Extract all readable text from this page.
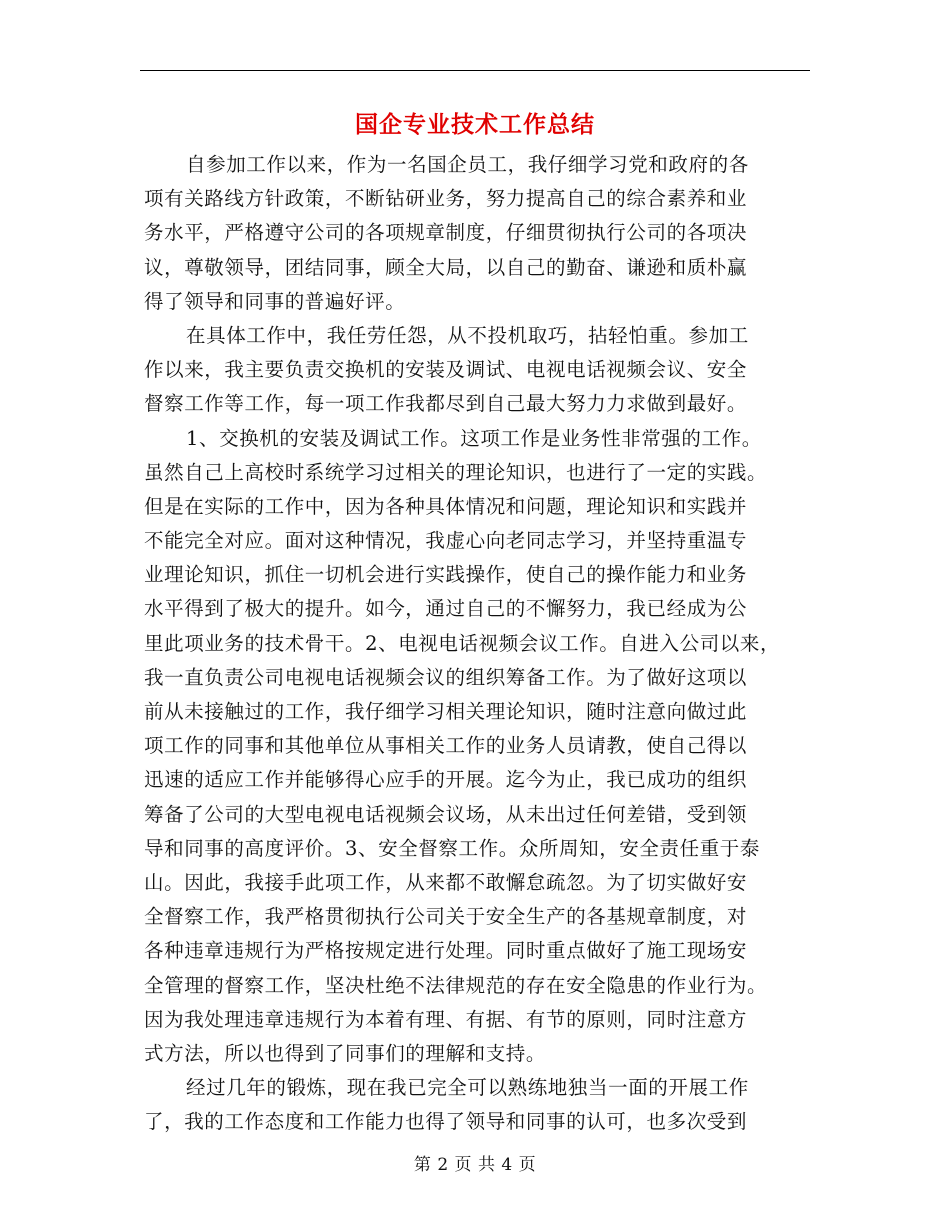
国企专业技术工作总结
自参加工作以来，作为一名国企员工，我仔细学习党和政府的各
项有关路线方针政策，不断钻研业务，努力提高自己的综合素养和业
务水平，严格遵守公司的各项规章制度，仔细贯彻执行公司的各项决
议，尊敬领导，团结同事，顾全大局，以自己的勤奋、谦逊和质朴赢
得了领导和同事的普遍好评。
在具体工作中，我任劳任怨，从不投机取巧，拈轻怕重。参加工
作以来，我主要负责交换机的安装及调试、电视电话视频会议、安全
督察工作等工作，每一项工作我都尽到自己最大努力力求做到最好。
1、交换机的安装及调试工作。这项工作是业务性非常强的工作。
虽然自己上高校时系统学习过相关的理论知识，也进行了一定的实践。
但是在实际的工作中，因为各种具体情况和问题，理论知识和实践并
不能完全对应。面对这种情况，我虚心向老同志学习，并坚持重温专
业理论知识，抓住一切机会进行实践操作，使自己的操作能力和业务
水平得到了极大的提升。如今，通过自己的不懈努力，我已经成为公
里此项业务的技术骨干。2、电视电话视频会议工作。自进入公司以来，
我一直负责公司电视电话视频会议的组织筹备工作。为了做好这项以
前从未接触过的工作，我仔细学习相关理论知识，随时注意向做过此
项工作的同事和其他单位从事相关工作的业务人员请教，使自己得以
迅速的适应工作并能够得心应手的开展。迄今为止，我已成功的组织
筹备了公司的大型电视电话视频会议场，从未出过任何差错，受到领
导和同事的高度评价。3、安全督察工作。众所周知，安全责任重于泰
山。因此，我接手此项工作，从来都不敢懈怠疏忽。为了切实做好安
全督察工作，我严格贯彻执行公司关于安全生产的各基规章制度，对
各种违章违规行为严格按规定进行处理。同时重点做好了施工现场安
全管理的督察工作，坚决杜绝不法律规范的存在安全隐患的作业行为。
因为我处理违章违规行为本着有理、有据、有节的原则，同时注意方
式方法，所以也得到了同事们的理解和支持。
经过几年的锻炼，现在我已完全可以熟练地独当一面的开展工作
了，我的工作态度和工作能力也得了领导和同事的认可，也多次受到
第 2 页 共 4 页
